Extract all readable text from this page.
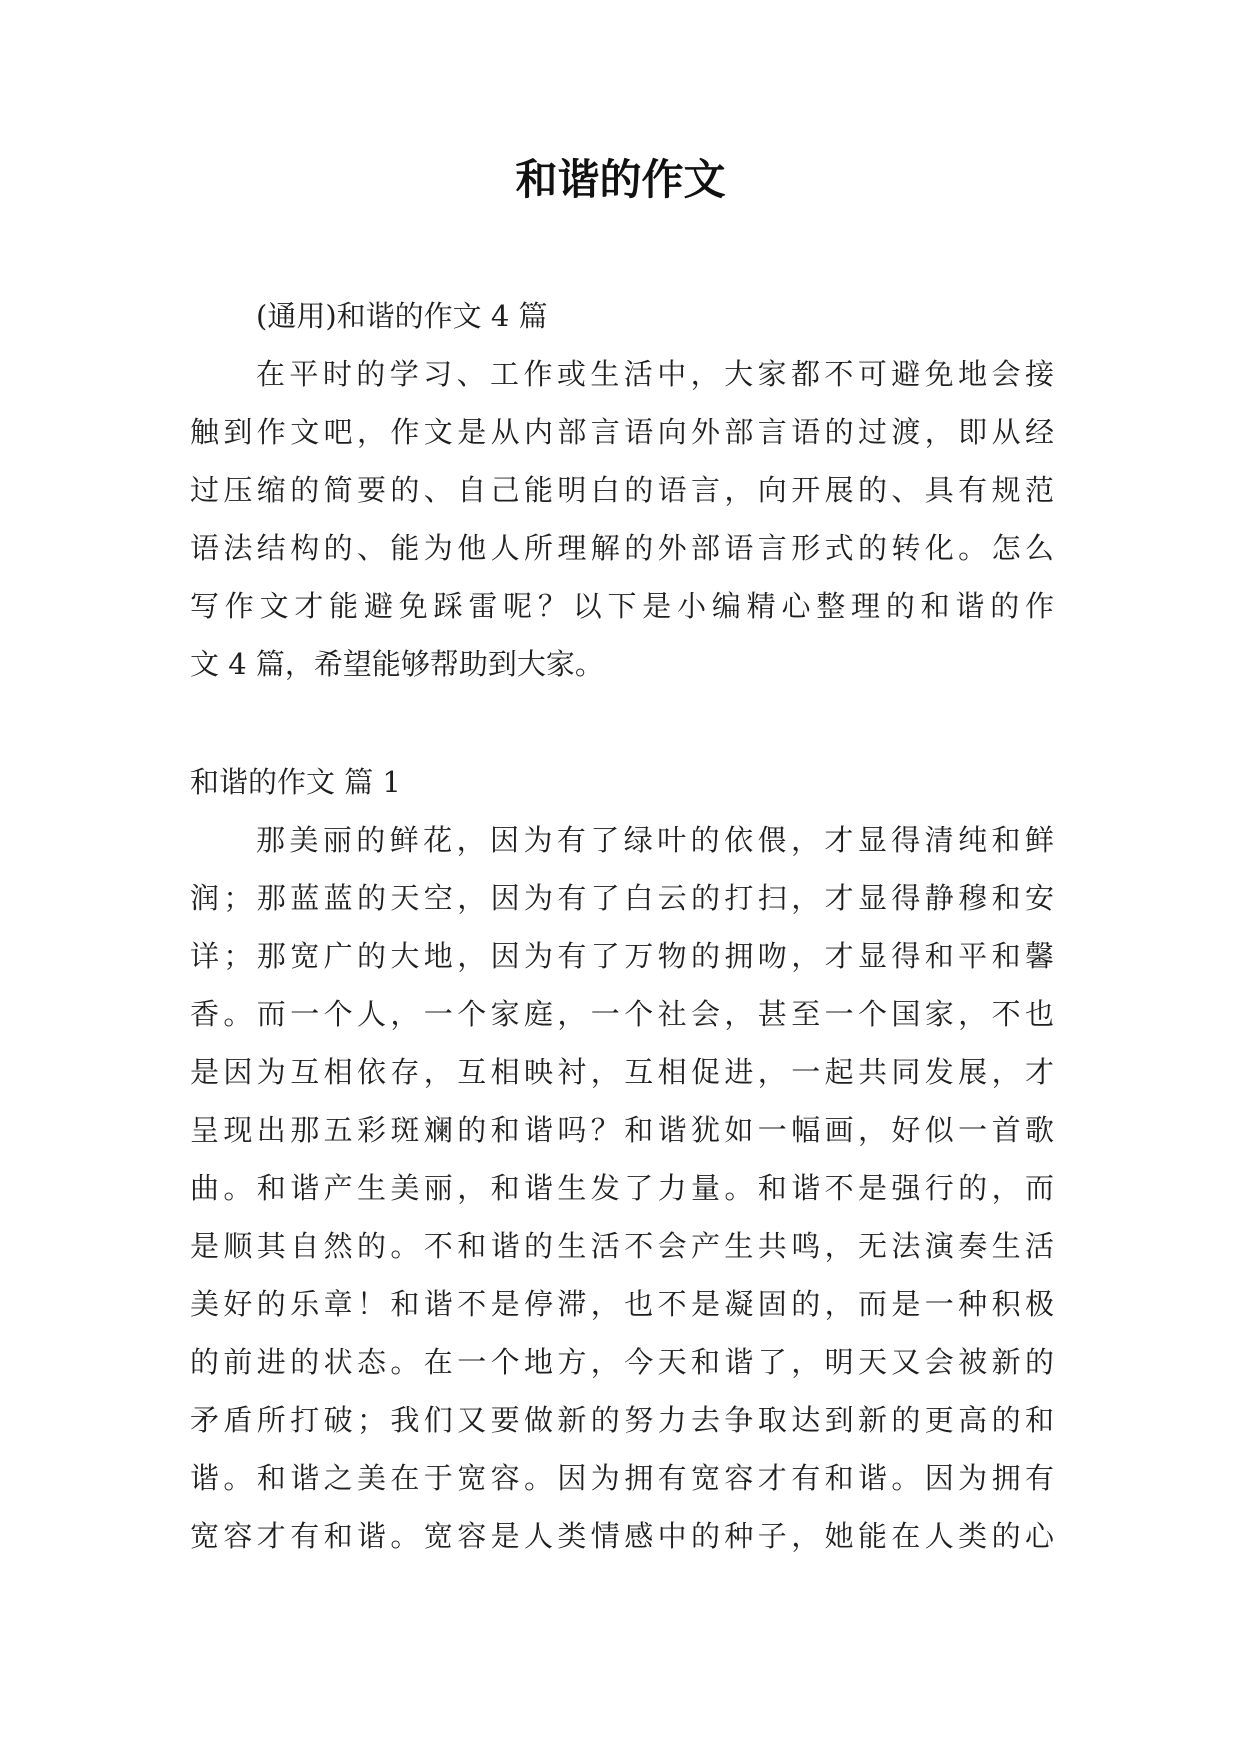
和谐的作文
(通用)和谐的作文 4 篇
在平时的学习、工作或生活中，大家都不可避免地会接
触到作文吧，作文是从内部言语向外部言语的过渡，即从经
过压缩的简要的、自己能明白的语言，向开展的、具有规范
语法结构的、能为他人所理解的外部语言形式的转化。怎么
写作文才能避免踩雷呢？以下是小编精心整理的和谐的作
文 4 篇，希望能够帮助到大家。
和谐的作文 篇 1
那美丽的鲜花，因为有了绿叶的依偎，才显得清纯和鲜
润；那蓝蓝的天空，因为有了白云的打扫，才显得静穆和安
详；那宽广的大地，因为有了万物的拥吻，才显得和平和馨
香。而一个人，一个家庭，一个社会，甚至一个国家，不也
是因为互相依存，互相映衬，互相促进，一起共同发展，才
呈现出那五彩斑斓的和谐吗？和谐犹如一幅画，好似一首歌
曲。和谐产生美丽，和谐生发了力量。和谐不是强行的，而
是顺其自然的。不和谐的生活不会产生共鸣，无法演奏生活
美好的乐章！和谐不是停滞，也不是凝固的，而是一种积极
的前进的状态。在一个地方，今天和谐了，明天又会被新的
矛盾所打破；我们又要做新的努力去争取达到新的更高的和
谐。和谐之美在于宽容。因为拥有宽容才有和谐。因为拥有
宽容才有和谐。宽容是人类情感中的种子，她能在人类的心
